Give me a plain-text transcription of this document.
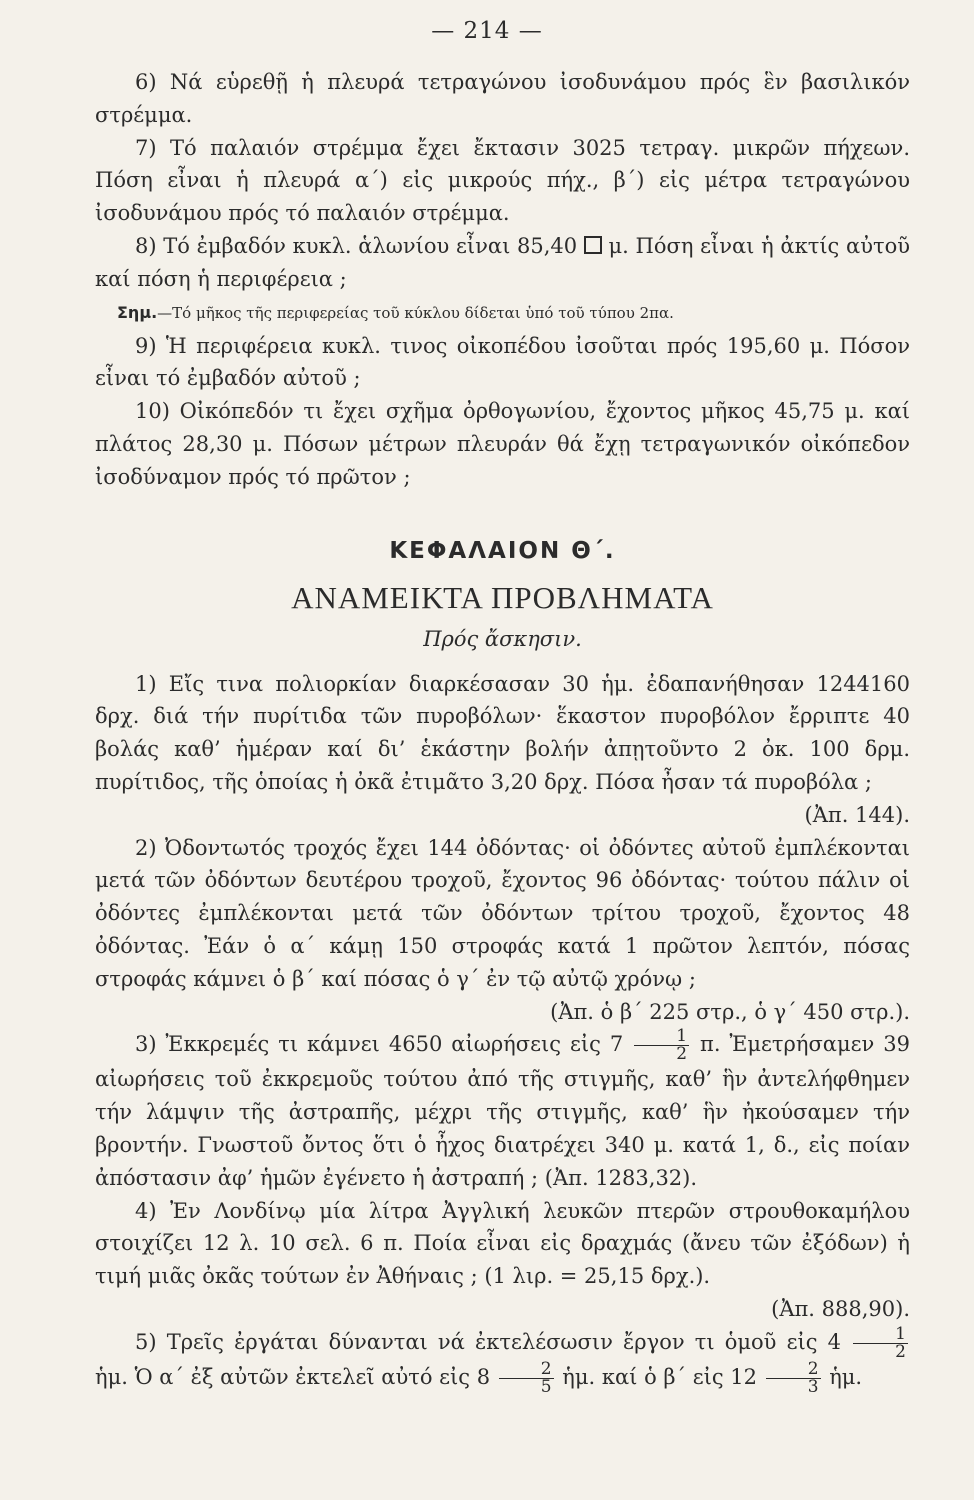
— 214 —

6) Νά εὑρεθῇ ἡ πλευρά τετραγώνου ἰσοδυνάμου πρός ἓν βασιλικόν στρέμμα.

7) Τό παλαιόν στρέμμα ἔχει ἔκτασιν 3025 τετραγ. μικρῶν πήχεων. Πόση εἶναι ἡ πλευρά α΄) εἰς μικρούς πήχ., β΄) εἰς μέτρα τετραγώνου ἰσοδυνάμου πρός τό παλαιόν στρέμμα.

8) Τό ἐμβαδόν κυκλ. ἁλωνίου εἶναι 85,40 μ. Πόση εἶναι ἡ ἀκτίς αὐτοῦ καί πόση ἡ περιφέρεια ;

Σημ.—Τό μῆκος τῆς περιφερείας τοῦ κύκλου δίδεται ὑπό τοῦ τύπου 2πα.

9) Ἡ περιφέρεια κυκλ. τινος οἰκοπέδου ἰσοῦται πρός 195,60 μ. Πόσον εἶναι τό ἐμβαδόν αὐτοῦ ;

10) Οἰκόπεδόν τι ἔχει σχῆμα ὀρθογωνίου, ἔχοντος μῆκος 45,75 μ. καί πλάτος 28,30 μ. Πόσων μέτρων πλευράν θά ἔχῃ τετραγωνικόν οἰκόπεδον ἰσοδύναμον πρός τό πρῶτον ;

ΚΕΦΑΛΑΙΟΝ Θ΄.
ΑΝΑΜΕΙΚΤΑ ΠΡΟΒΛΗΜΑΤΑ
Πρός ἄσκησιν.

1) Εἴς τινα πολιορκίαν διαρκέσασαν 30 ἡμ. ἐδαπανήθησαν 1244160 δρχ. διά τήν πυρίτιδα τῶν πυροβόλων· ἕκαστον πυροβόλον ἔρριπτε 40 βολάς καθ’ ἡμέραν καί δι’ ἑκάστην βολήν ἀπῃτοῦντο 2 ὀκ. 100 δρμ. πυρίτιδος, τῆς ὁποίας ἡ ὀκᾶ ἐτιμᾶτο 3,20 δρχ. Πόσα ἦσαν τά πυροβόλα ;

(Ἀπ. 144).

2) Ὀδοντωτός τροχός ἔχει 144 ὀδόντας· οἱ ὀδόντες αὐτοῦ ἐμπλέκονται μετά τῶν ὀδόντων δευτέρου τροχοῦ, ἔχοντος 96 ὀδόντας· τούτου πάλιν οἱ ὀδόντες ἐμπλέκονται μετά τῶν ὀδόντων τρίτου τροχοῦ, ἔχοντος 48 ὀδόντας. Ἐάν ὁ α΄ κάμῃ 150 στροφάς κατά 1 πρῶτον λεπτόν, πόσας στροφάς κάμνει ὁ β΄ καί πόσας ὁ γ΄ ἐν τῷ αὐτῷ χρόνῳ ;

(Ἀπ. ὁ β΄ 225 στρ., ὁ γ΄ 450 στρ.).

3) Ἐκκρεμές τι κάμνει 4650 αἰωρήσεις εἰς $7 \frac{1}{2} \pi$. Ἐμετρήσαμεν 39 αἰωρήσεις τοῦ ἐκκρεμοῦς τούτου ἀπό τῆς στιγμῆς, καθ’ ἣν ἀντελήφθημεν τήν λάμψιν τῆς ἀστραπῆς, μέχρι τῆς στιγμῆς, καθ’ ἣν ἠκούσαμεν τήν βροντήν. Γνωστοῦ ὄντος ὅτι ὁ ἦχος διατρέχει 340 μ. κατά 1, δ., εἰς ποίαν ἀπόστασιν ἀφ’ ἡμῶν ἐγένετο ἡ ἀστραπή ; (Ἀπ. 1283,32).

4) Ἐν Λονδίνῳ μία λίτρα Ἀγγλική λευκῶν πτερῶν στρουθοκαμήλου στοιχίζει 12 λ. 10 σελ. 6 π. Ποία εἶναι εἰς δραχμάς (ἄνευ τῶν ἐξόδων) ἡ τιμή μιᾶς ὀκᾶς τούτων ἐν Ἀθήναις ; (1 λιρ. = 25,15 δρχ.).

(Ἀπ. 888,90).

5) Τρεῖς ἐργάται δύνανται νά ἐκτελέσωσιν ἔργον τι ὁμοῦ εἰς $4 \frac{1}{2}$
ἡμ. Ὁ α΄ ἐξ αὐτῶν ἐκτελεῖ αὐτό εἰς $8 \frac{2}{5}$ ἡμ. καί ὁ β΄ εἰς $12 \frac{2}{3}$ ἡμ.
